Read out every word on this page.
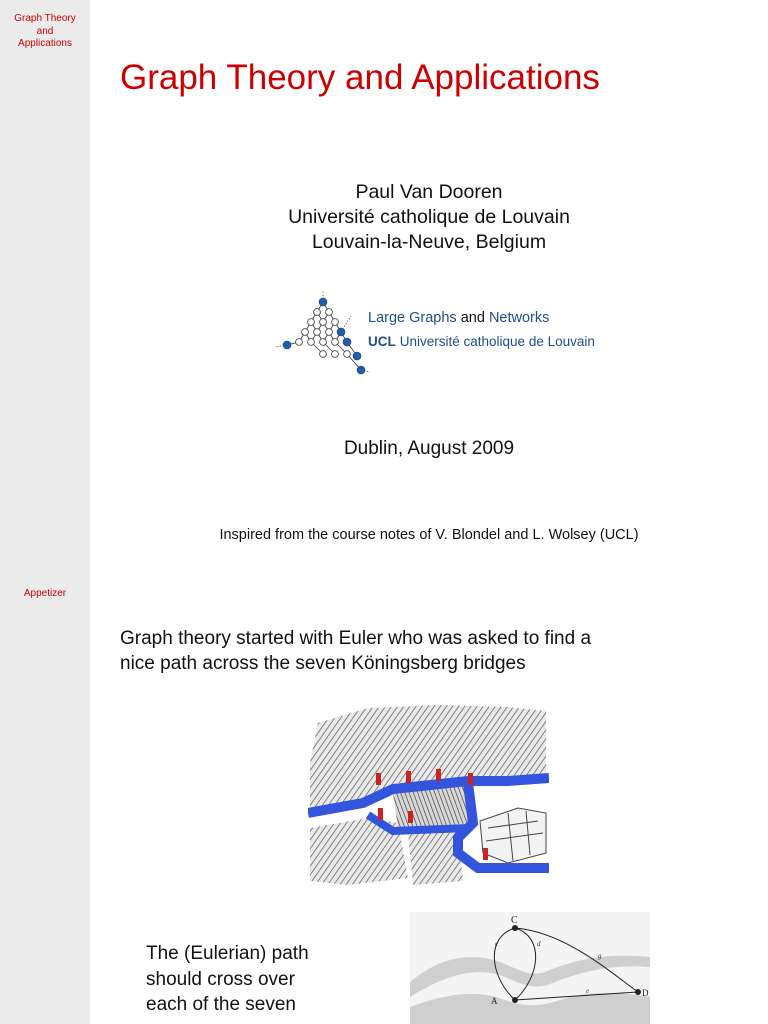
Graph Theory
and
Applications
Appetizer
Graph Theory and Applications
Paul Van Dooren
Université catholique de Louvain
Louvain-la-Neuve, Belgium
Large Graphs and Networks
UCL Université catholique de Louvain
Dublin, August 2009
Inspired from the course notes of V. Blondel and L. Wolsey (UCL)
Graph theory started with Euler who was asked to find a
nice path across the seven Köningsberg bridges
The (Eulerian) path
should cross over
each of the seven
C
A
D
c	d
g
e
